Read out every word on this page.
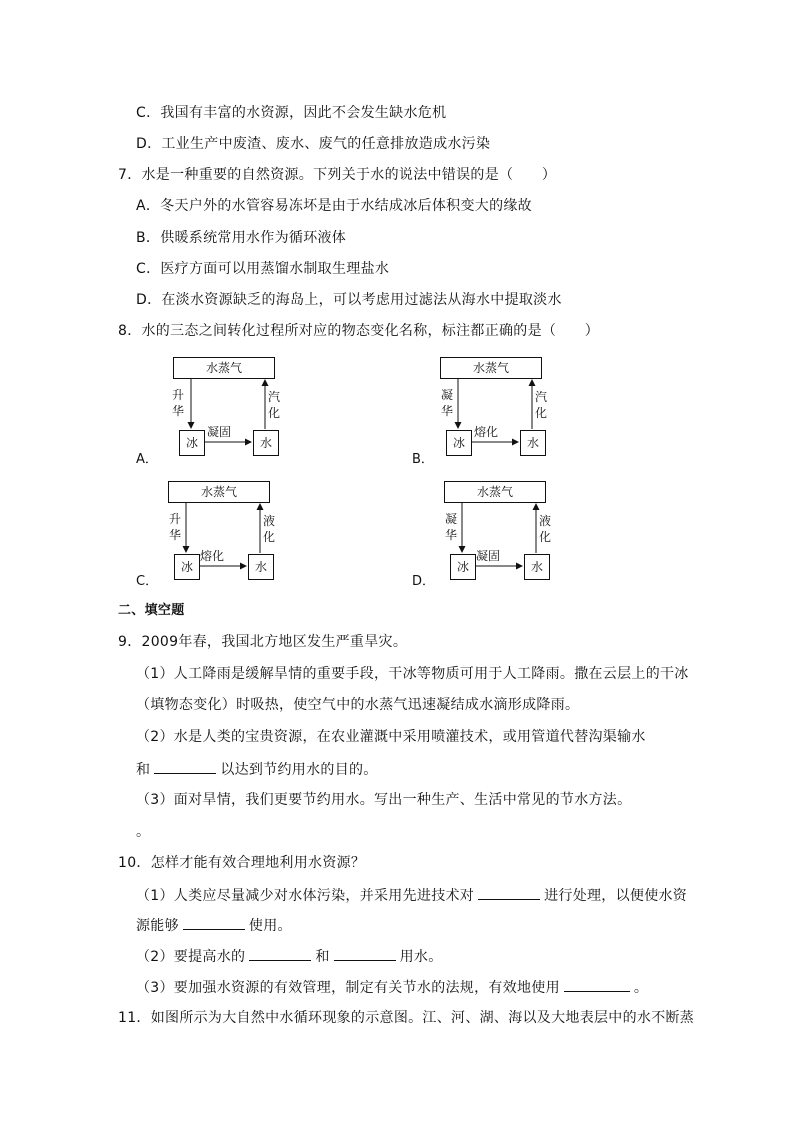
C．我国有丰富的水资源，因此不会发生缺水危机
D．工业生产中废渣、废水、废气的任意排放造成水污染
7．水是一种重要的自然资源。下列关于水的说法中错误的是（　　）
A．冬天户外的水管容易冻坏是由于水结成冰后体积变大的缘故
B．供暖系统常用水作为循环液体
C．医疗方面可以用蒸馏水制取生理盐水
D．在淡水资源缺乏的海岛上，可以考虑用过滤法从海水中提取淡水
8．水的三态之间转化过程所对应的物态变化名称，标注都正确的是（　　）
A．
水蒸气
冰	水
升
华
汽
化
凝固
B．
水蒸气
冰	水
凝
华
汽
化
熔化
C．
水蒸气
冰	水
升
华
液
化
熔化
D．
水蒸气
冰	水
凝
华
液
化
凝固
二、填空题
9．2009年春，我国北方地区发生严重旱灾。
（1）人工降雨是缓解旱情的重要手段，干冰等物质可用于人工降雨。撒在云层上的干冰
（填物态变化）时吸热，使空气中的水蒸气迅速凝结成水滴形成降雨。
（2）水是人类的宝贵资源，在农业灌溉中采用喷灌技术，或用管道代替沟渠输水
和	以达到节约用水的目的。
（3）面对旱情，我们更要节约用水。写出一种生产、生活中常见的节水方法。
。
10．怎样才能有效合理地利用水资源？
（1）人类应尽量减少对水体污染，并采用先进技术对	进行处理，以便使水资
源能够	使用。
（2）要提高水的	和	用水。
（3）要加强水资源的有效管理，制定有关节水的法规，有效地使用	。
11．如图所示为大自然中水循环现象的示意图。江、河、湖、海以及大地表层中的水不断蒸
